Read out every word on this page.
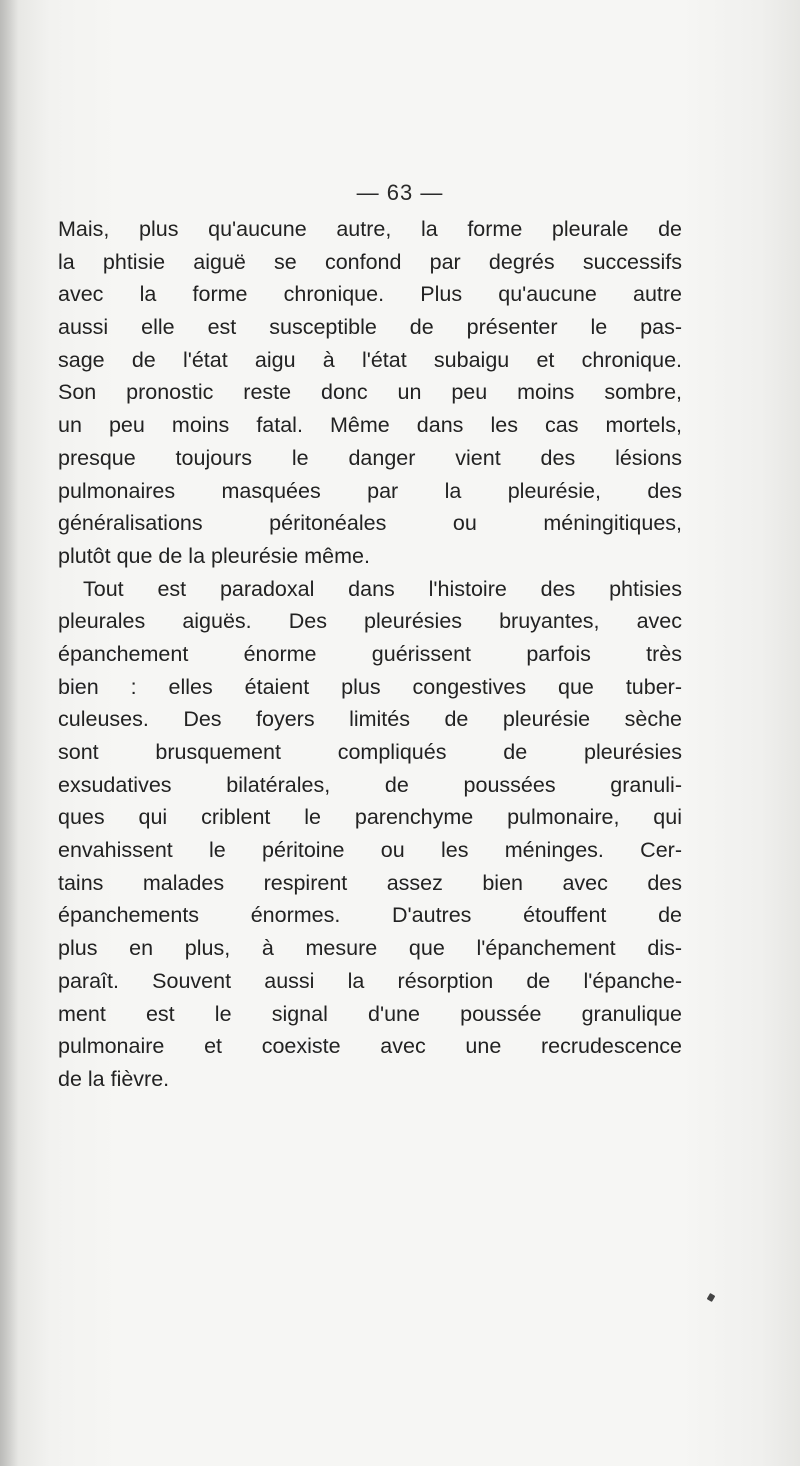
— 63 —
Mais, plus qu'aucune autre, la forme pleurale de
la phtisie aiguë se confond par degrés successifs
avec la forme chronique. Plus qu'aucune autre
aussi elle est susceptible de présenter le pas-
sage de l'état aigu à l'état subaigu et chronique.
Son pronostic reste donc un peu moins sombre,
un peu moins fatal. Même dans les cas mortels,
presque toujours le danger vient des lésions
pulmonaires masquées par la pleurésie, des
généralisations péritonéales ou méningitiques,
plutôt que de la pleurésie même.
Tout est paradoxal dans l'histoire des phtisies
pleurales aiguës. Des pleurésies bruyantes, avec
épanchement énorme guérissent parfois très
bien : elles étaient plus congestives que tuber-
culeuses. Des foyers limités de pleurésie sèche
sont brusquement compliqués de pleurésies
exsudatives bilatérales, de poussées granuli-
ques qui criblent le parenchyme pulmonaire, qui
envahissent le péritoine ou les méninges. Cer-
tains malades respirent assez bien avec des
épanchements énormes. D'autres étouffent de
plus en plus, à mesure que l'épanchement dis-
paraît. Souvent aussi la résorption de l'épanche-
ment est le signal d'une poussée granulique
pulmonaire et coexiste avec une recrudescence
de la fièvre.
